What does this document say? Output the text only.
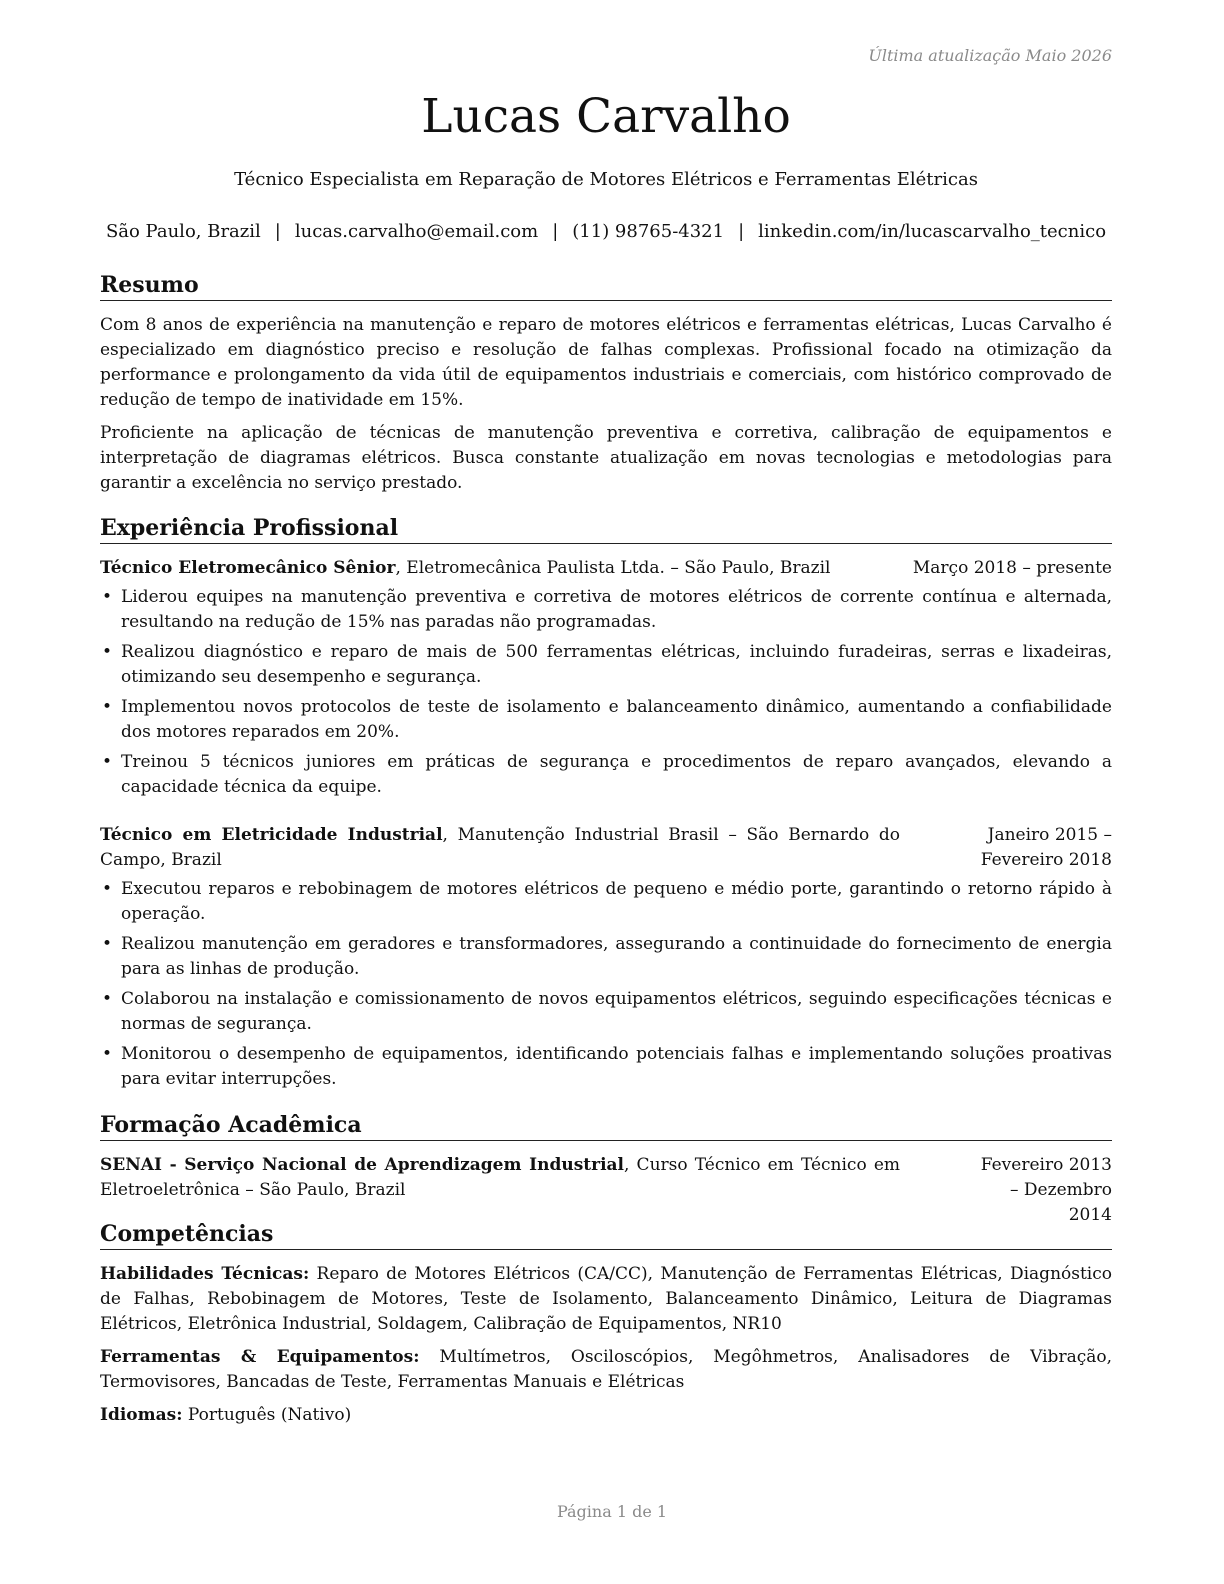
Última atualização Maio 2026
Lucas Carvalho
Técnico Especialista em Reparação de Motores Elétricos e Ferramentas Elétricas
São Paulo, Brazil | lucas.carvalho@email.com | (11) 98765-4321 | linkedin.com/in/lucascarvalho_tecnico
Resumo

Com 8 anos de experiência na manutenção e reparo de motores elétricos e ferramentas elétricas, Lucas Carvalho é especializado em diagnóstico preciso e resolução de falhas complexas. Profissional focado na otimização da performance e prolongamento da vida útil de equipamentos industriais e comerciais, com histórico comprovado de redução de tempo de inatividade em 15%.

Proficiente na aplicação de técnicas de manutenção preventiva e corretiva, calibração de equipamentos e interpretação de diagramas elétricos. Busca constante atualização em novas tecnologias e metodologias para garantir a excelência no serviço prestado.

Experiência Profissional
Técnico Eletromecânico Sênior, Eletromecânica Paulista Ltda. – São Paulo, Brazil	Março 2018 – presente
• Liderou equipes na manutenção preventiva e corretiva de motores elétricos de corrente contínua e alternada, resultando na redução de 15% nas paradas não programadas.
• Realizou diagnóstico e reparo de mais de 500 ferramentas elétricas, incluindo furadeiras, serras e lixadeiras, otimizando seu desempenho e segurança.
• Implementou novos protocolos de teste de isolamento e balanceamento dinâmico, aumentando a confiabilidade dos motores reparados em 20%.
• Treinou 5 técnicos juniores em práticas de segurança e procedimentos de reparo avançados, elevando a capacidade técnica da equipe.
Técnico em Eletricidade Industrial, Manutenção Industrial Brasil – São Bernardo do Campo, Brazil
Janeiro 2015 – Fevereiro 2018
• Executou reparos e rebobinagem de motores elétricos de pequeno e médio porte, garantindo o retorno rápido à operação.
• Realizou manutenção em geradores e transformadores, assegurando a continuidade do fornecimento de energia para as linhas de produção.
• Colaborou na instalação e comissionamento de novos equipamentos elétricos, seguindo especificações técnicas e normas de segurança.
• Monitorou o desempenho de equipamentos, identificando potenciais falhas e implementando soluções proativas para evitar interrupções.
Formação Acadêmica
SENAI - Serviço Nacional de Aprendizagem Industrial, Curso Técnico em Técnico em Eletroeletrônica – São Paulo, Brazil
Fevereiro 2013 – Dezembro 2014
Competências

Habilidades Técnicas: Reparo de Motores Elétricos (CA/CC), Manutenção de Ferramentas Elétricas, Diagnóstico de Falhas, Rebobinagem de Motores, Teste de Isolamento, Balanceamento Dinâmico, Leitura de Diagramas Elétricos, Eletrônica Industrial, Soldagem, Calibração de Equipamentos, NR10

Ferramentas & Equipamentos: Multímetros, Osciloscópios, Megôhmetros, Analisadores de Vibração, Termovisores, Bancadas de Teste, Ferramentas Manuais e Elétricas

Idiomas: Português (Nativo)

Página 1 de 1
